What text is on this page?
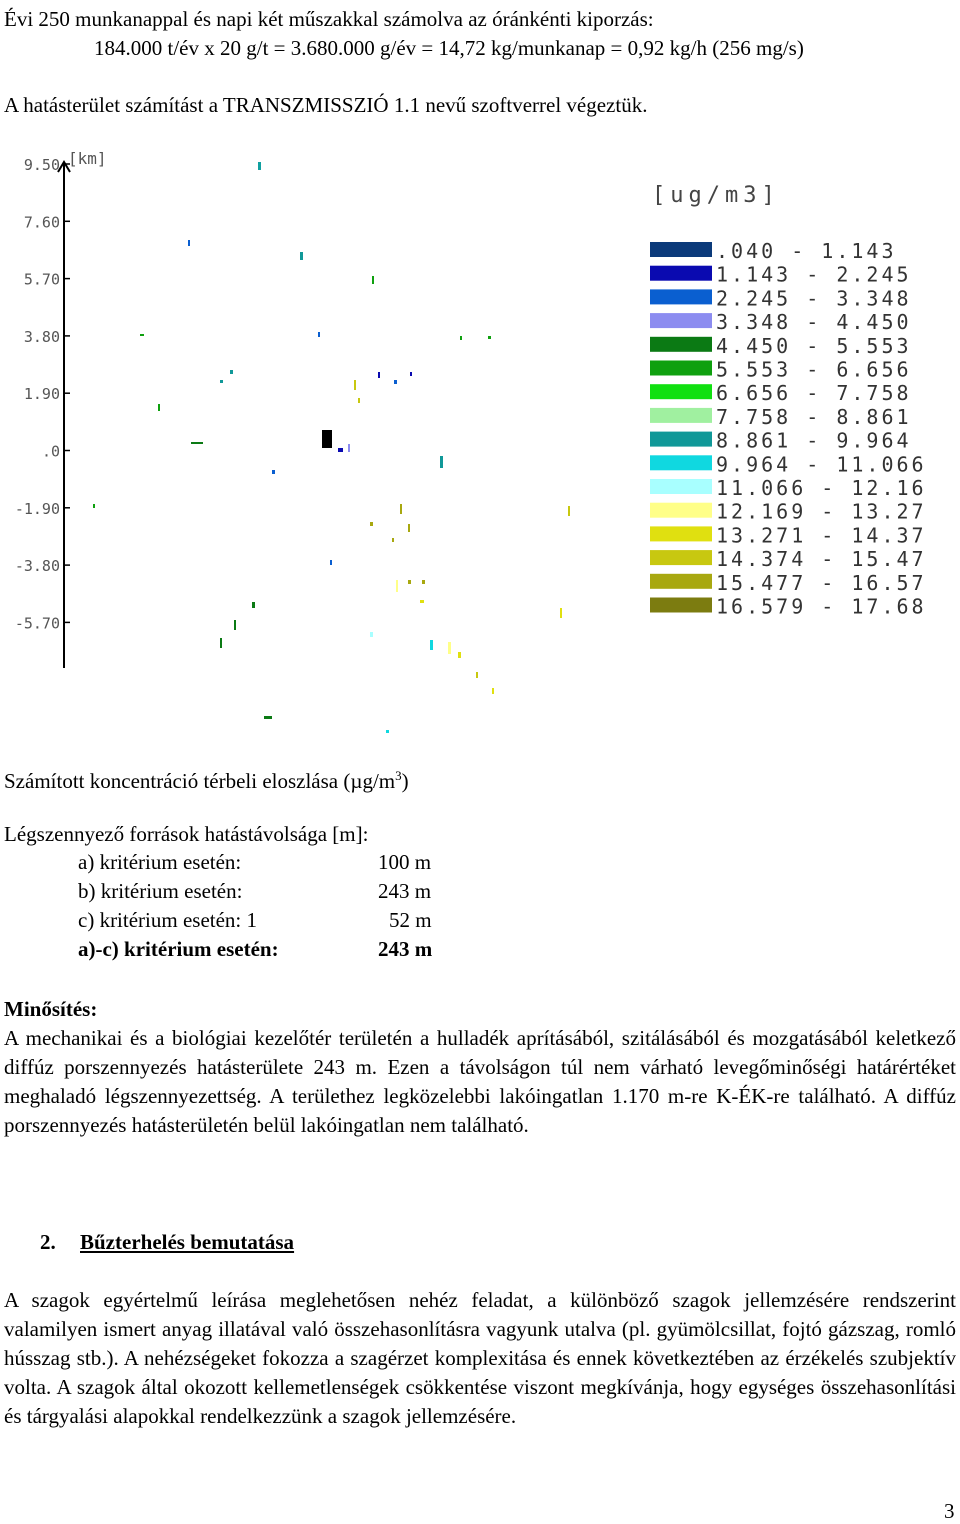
Évi 250 munkanappal és napi két műszakkal számolva az óránkénti kiporzás:
184.000 t/év x 20 g/t = 3.680.000 g/év = 14,72 kg/munkanap = 0,92 kg/h (256 mg/s)
A hatásterület számítást a TRANSZMISSZIÓ 1.1 nevű szoftverrel végeztük.
[km]
9.50
7.60
5.70
3.80
1.90
.0
-1.90
-3.80
-5.70
[ug/m3]
.040 - 1.143
1.143 - 2.245
2.245 - 3.348
3.348 - 4.450
4.450 - 5.553
5.553 - 6.656
6.656 - 7.758
7.758 - 8.861
8.861 - 9.964
9.964 - 11.066
11.066 - 12.16
12.169 - 13.27
13.271 - 14.37
14.374 - 15.47
15.477 - 16.57
16.579 - 17.68
Számított koncentráció térbeli eloszlása $(\mu g/m^3)$
Légszennyező források hatástávolsága [m]:
a) kritérium esetén:	100 m
b) kritérium esetén:	243 m
c) kritérium esetén: 1	52 m
a)-c) kritérium esetén:	243 m
Minősítés:
A mechanikai és a biológiai kezelőtér területén a hulladék aprításából, szitálásából és mozgatásából keletkező diffúz porszennyezés hatásterülete 243 m. Ezen a távolságon túl nem várható levegőminőségi határértéket meghaladó légszennyezettség. A területhez legközelebbi lakóingatlan 1.170 m-re K-ÉK-re található. A diffúz porszennyezés hatásterületén belül lakóingatlan nem található.
2. Bűzterhelés bemutatása
A szagok egyértelmű leírása meglehetősen nehéz feladat, a különböző szagok jellemzésére rendszerint valamilyen ismert anyag illatával való összehasonlításra vagyunk utalva (pl. gyümölcsillat, fojtó gázszag, romló hússzag stb.). A nehézségeket fokozza a szagérzet komplexitása és ennek következtében az érzékelés szubjektív volta. A szagok által okozott kellemetlenségek csökkentése viszont megkívánja, hogy egységes összehasonlítási és tárgyalási alapokkal rendelkezzünk a szagok jellemzésére.
3
